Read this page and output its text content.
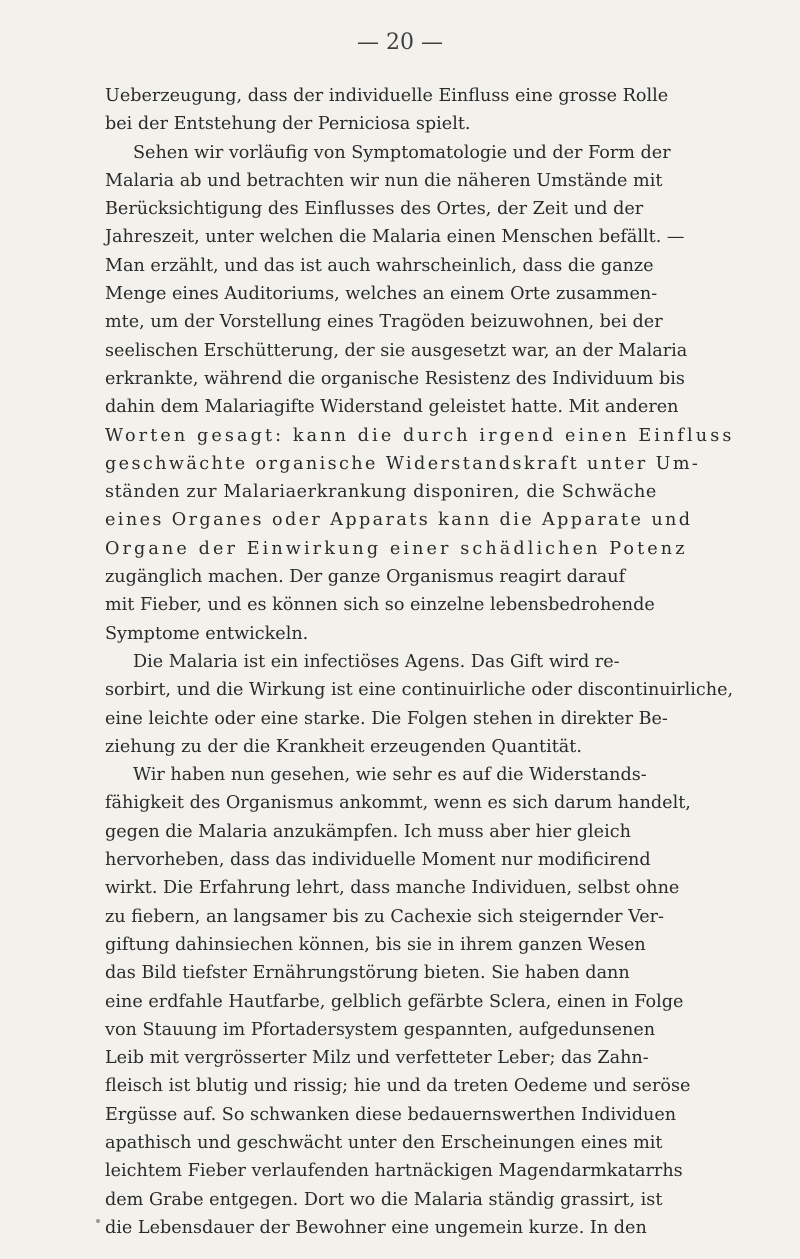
— 20 —
Ueberzeugung, dass der individuelle Einfluss eine grosse Rolle
bei der Entstehung der Perniciosa spielt.
Sehen wir vorläufig von Symptomatologie und der Form der
Malaria ab und betrachten wir nun die näheren Umstände mit
Berücksichtigung des Einflusses des Ortes, der Zeit und der
Jahreszeit, unter welchen die Malaria einen Menschen befällt. —
Man erzählt, und das ist auch wahrscheinlich, dass die ganze
Menge eines Auditoriums, welches an einem Orte zusammen-
mte, um der Vorstellung eines Tragöden beizuwohnen, bei der
seelischen Erschütterung, der sie ausgesetzt war, an der Malaria
erkrankte, während die organische Resistenz des Individuum bis
dahin dem Malariagifte Widerstand geleistet hatte. Mit anderen
Worten gesagt: kann die durch irgend einen Einfluss
geschwächte organische Widerstandskraft unter Um-
ständen zur Malariaerkrankung disponiren, die Schwäche
eines Organes oder Apparats kann die Apparate und
Organe der Einwirkung einer schädlichen Potenz
zugänglich machen. Der ganze Organismus reagirt darauf
mit Fieber, und es können sich so einzelne lebensbedrohende
Symptome entwickeln.
Die Malaria ist ein infectiöses Agens. Das Gift wird re-
sorbirt, und die Wirkung ist eine continuirliche oder discontinuirliche,
eine leichte oder eine starke. Die Folgen stehen in direkter Be-
ziehung zu der die Krankheit erzeugenden Quantität.
Wir haben nun gesehen, wie sehr es auf die Widerstands-
fähigkeit des Organismus ankommt, wenn es sich darum handelt,
gegen die Malaria anzukämpfen. Ich muss aber hier gleich
hervorheben, dass das individuelle Moment nur modificirend
wirkt. Die Erfahrung lehrt, dass manche Individuen, selbst ohne
zu fiebern, an langsamer bis zu Cachexie sich steigernder Ver-
giftung dahinsiechen können, bis sie in ihrem ganzen Wesen
das Bild tiefster Ernährungstörung bieten. Sie haben dann
eine erdfahle Hautfarbe, gelblich gefärbte Sclera, einen in Folge
von Stauung im Pfortadersystem gespannten, aufgedunsenen
Leib mit vergrösserter Milz und verfetteter Leber; das Zahn-
fleisch ist blutig und rissig; hie und da treten Oedeme und seröse
Ergüsse auf. So schwanken diese bedauernswerthen Individuen
apathisch und geschwächt unter den Erscheinungen eines mit
leichtem Fieber verlaufenden hartnäckigen Magendarmkatarrhs
dem Grabe entgegen. Dort wo die Malaria ständig grassirt, ist
die Lebensdauer der Bewohner eine ungemein kurze. In den
